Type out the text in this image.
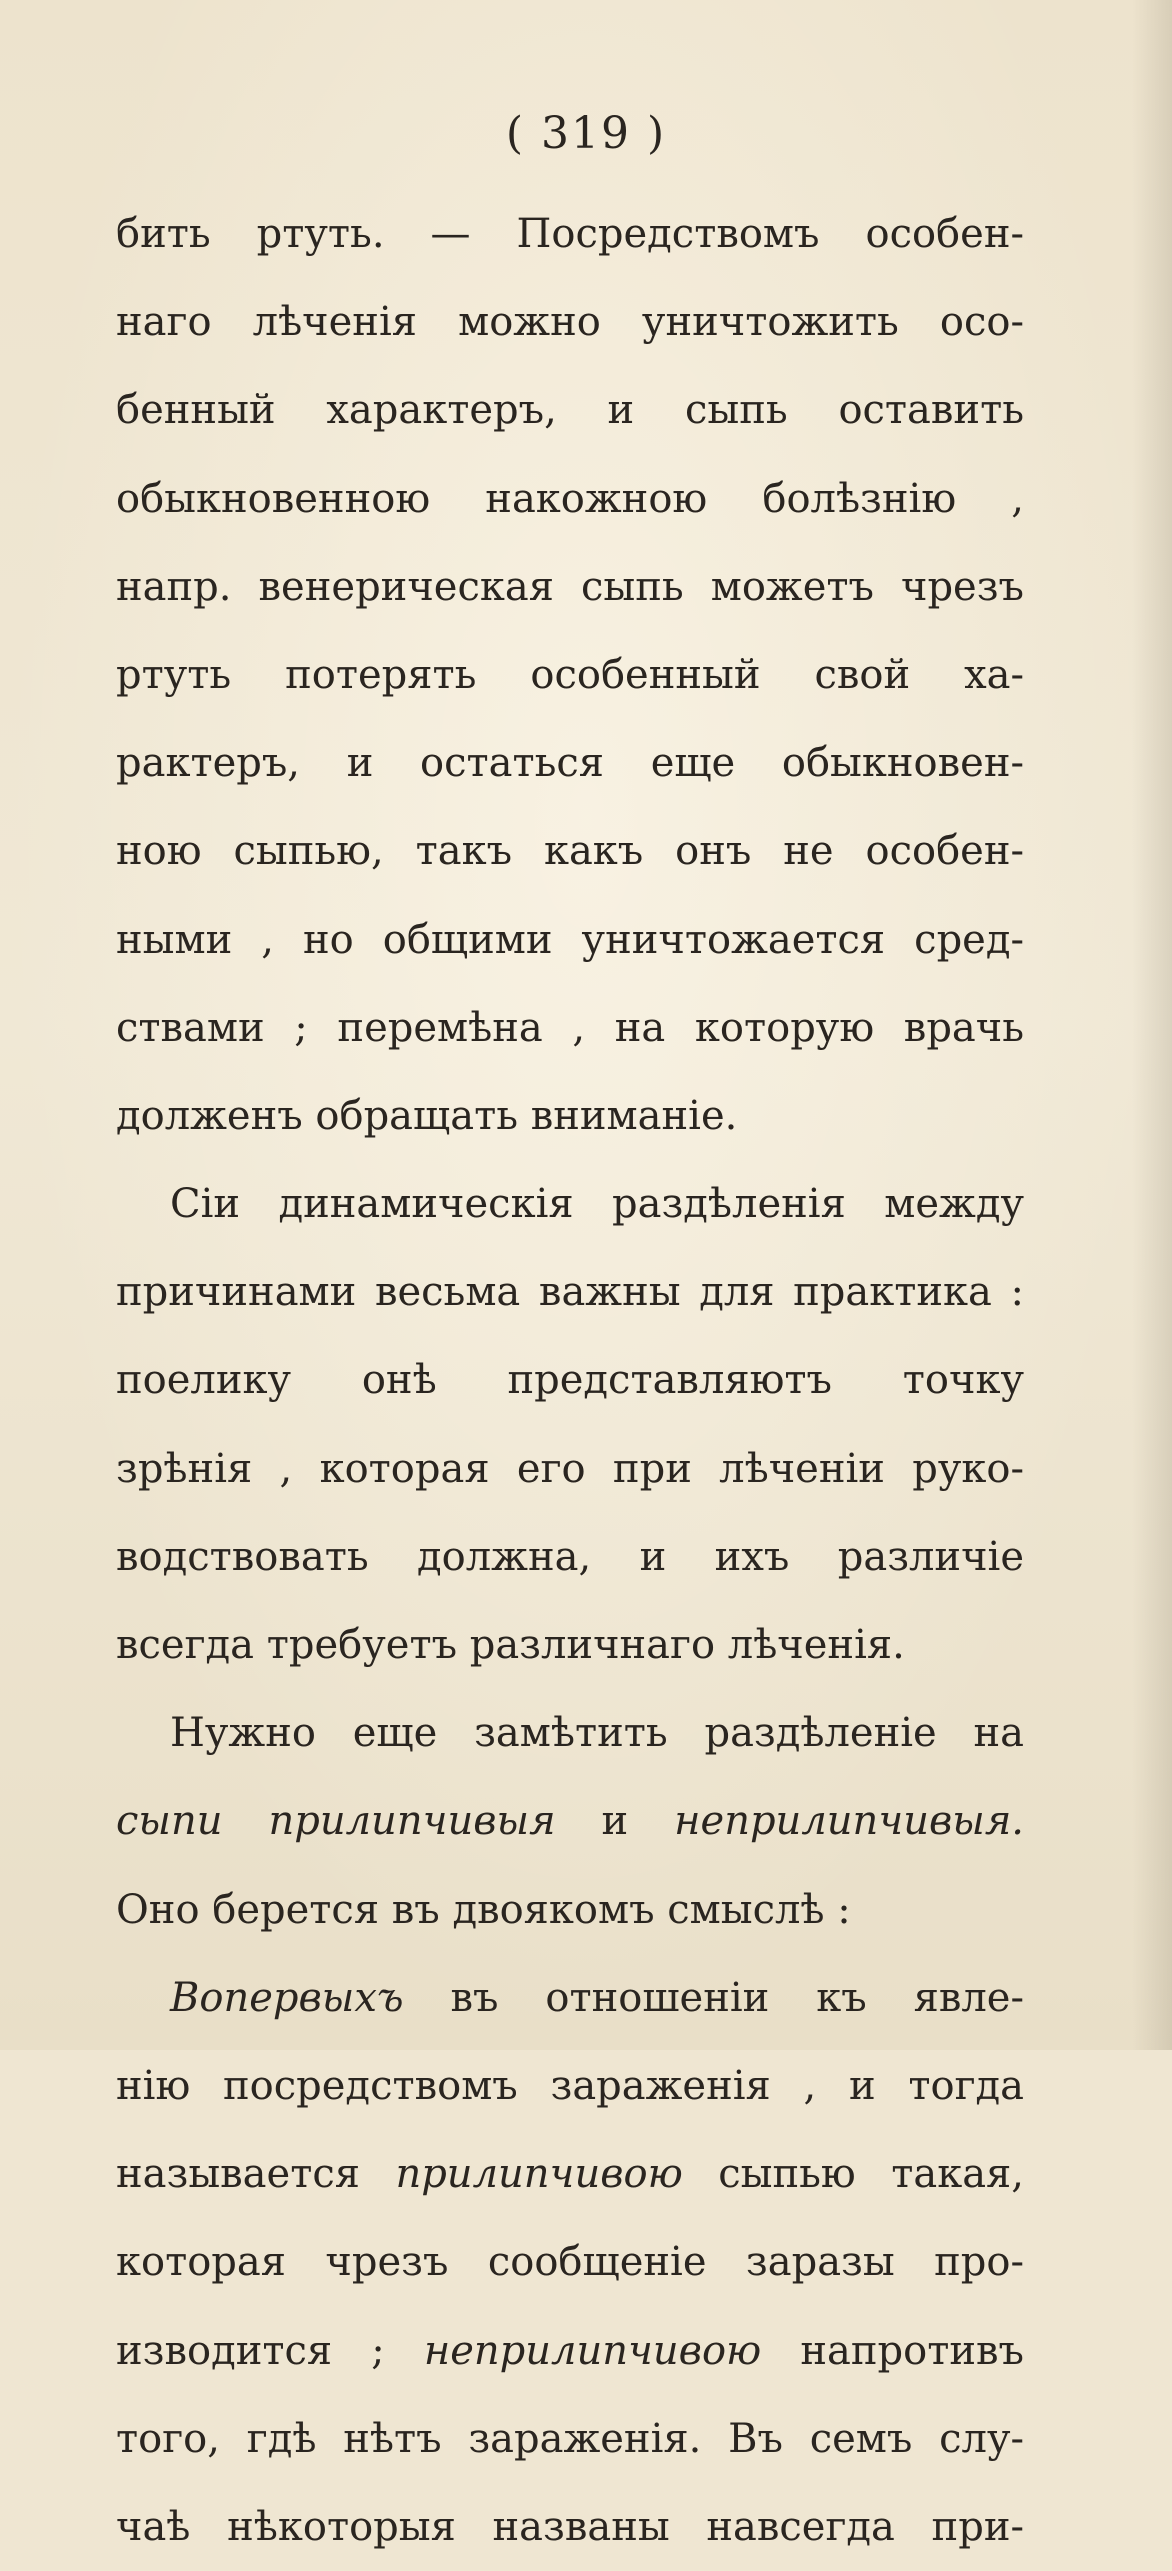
( 319 )
бить ртуть. — Посредствомъ особен-
наго лѣченія можно уничтожить осо-
бенный характеръ, и сыпь оставить
обыкновенною накожною болѣзнію ,
напр. венерическая сыпь можетъ чрезъ
ртуть потерять особенный свой ха-
рактеръ, и остаться еще обыкновен-
ною сыпью, такъ какъ онъ не особен-
ными , но общими уничтожается сред-
ствами ; перемѣна , на которую врачь
долженъ обращать вниманіе.
Сіи динамическія раздѣленія между
причинами весьма важны для практика :
поелику онѣ представляютъ точку
зрѣнія , которая его при лѣченіи руко-
водствовать должна, и ихъ различіе
всегда требуетъ различнаго лѣченія.
Нужно еще замѣтить раздѣленіе на
сыпи прилипчивыя и неприлипчивыя.
Оно берется въ двоякомъ смыслѣ :
Вопервыхъ въ отношеніи къ явле-
нію посредствомъ зараженія , и тогда
называется прилипчивою сыпью такая,
которая чрезъ сообщеніе заразы про-
изводится ; неприлипчивою напротивъ
того, гдѣ нѣтъ зараженія. Въ семъ слу-
чаѣ нѣкоторыя названы навсегда при-
